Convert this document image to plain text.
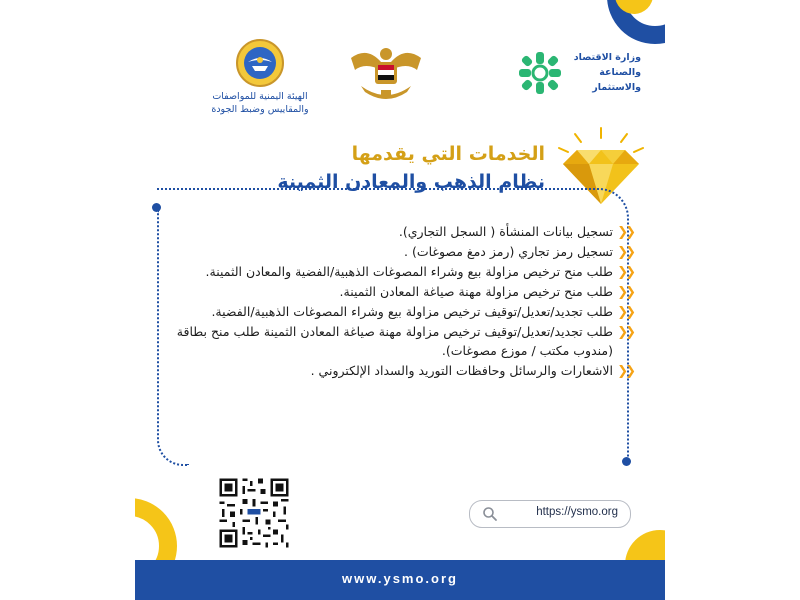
الهيئة اليمنية للمواصفات
والمقاييس وضبط الجودة
وزارة الاقتصاد
والصناعة
والاستثمار
الخدمات التي يقدمها
نظام الذهب والمعادن الثمينة
❯❯
تسجيل بيانات المنشأة ( السجل التجاري).
❯❯
تسجيل رمز تجاري (رمز دمغ مصوغات) .
❯❯
طلب منح ترخيص مزاولة بيع وشراء المصوغات الذهبية/الفضية والمعادن الثمينة.
❯❯
طلب منح ترخيص مزاولة مهنة صياغة المعادن الثمينة.
❯❯
طلب تجديد/تعديل/توقيف ترخيص مزاولة بيع وشراء المصوغات الذهبية/الفضية.
❯❯
طلب تجديد/تعديل/توقيف ترخيص مزاولة مهنة صياغة المعادن الثمينة طلب منح بطاقة (مندوب مكتب / موزع مصوغات).
❯❯
الاشعارات والرسائل وحافظات التوريد والسداد الإلكتروني .
https://ysmo.org
www.ysmo.org
